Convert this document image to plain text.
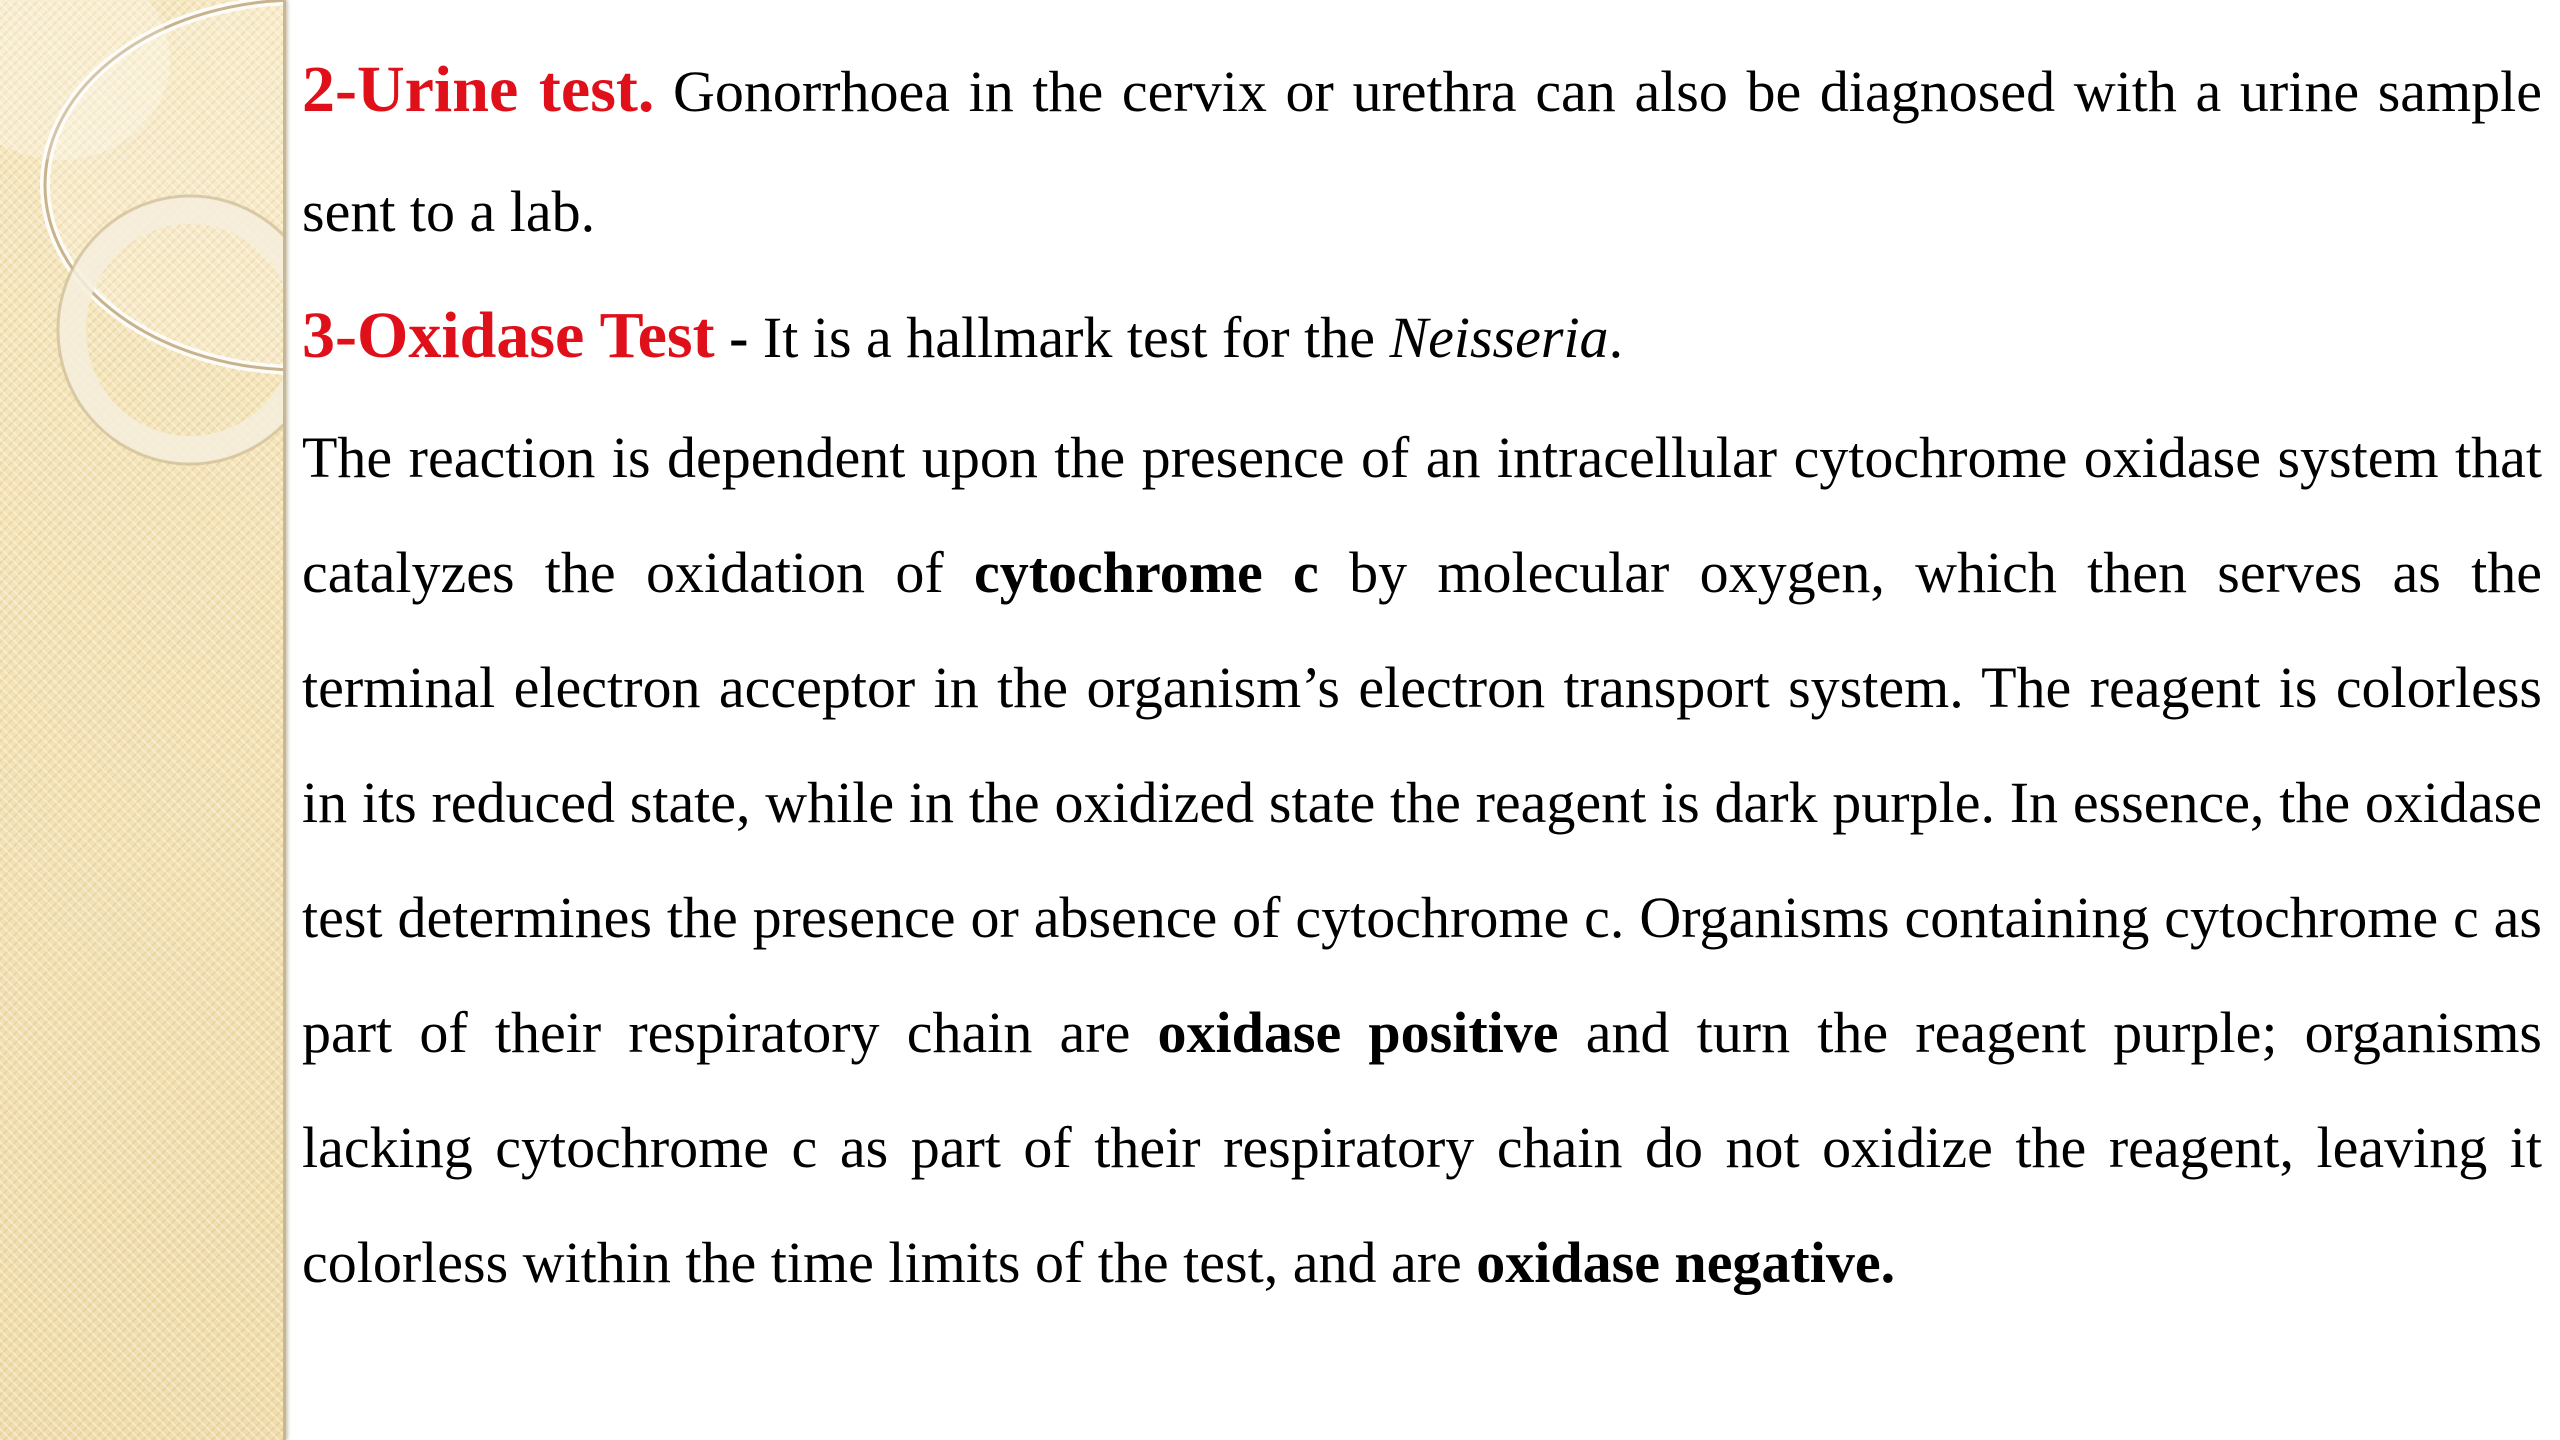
2-Urine test. Gonorrhoea in the cervix or urethra can also be diagnosed with a urine sample sent to a lab.

3-Oxidase Test - It is a hallmark test for the Neisseria.

The reaction is dependent upon the presence of an intracellular cytochrome oxidase system that catalyzes the oxidation of cytochrome c by molecular oxygen, which then serves as the terminal electron acceptor in the organism’s electron transport system. The reagent is colorless in its reduced state, while in the oxidized state the reagent is dark purple. In essence, the oxidase test determines the presence or absence of cytochrome c. Organisms containing cytochrome c as part of their respiratory chain are oxidase positive and turn the reagent purple; organisms lacking cytochrome c as part of their respiratory chain do not oxidize the reagent, leaving it colorless within the time limits of the test, and are oxidase negative.
